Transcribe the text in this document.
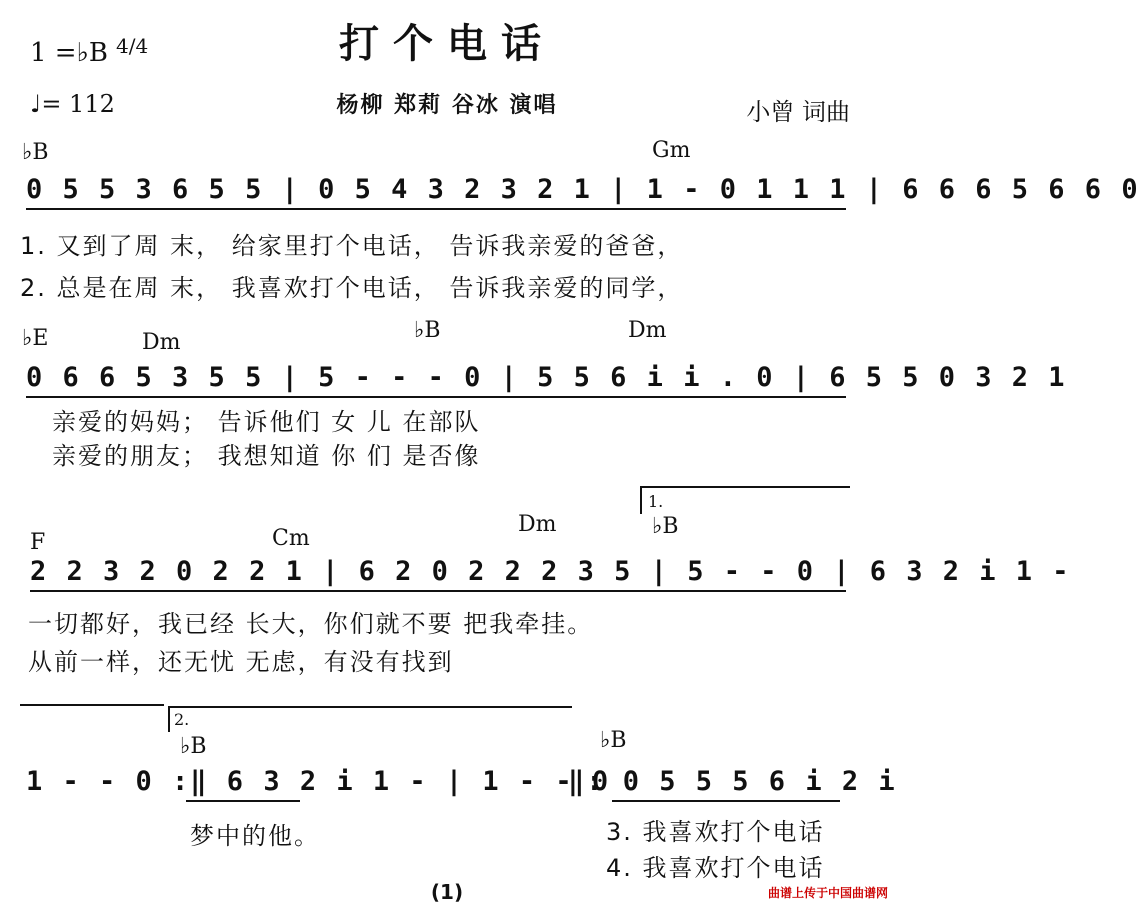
打个电话
1 =♭B 4/4
♩= 112	杨柳 郑莉 谷冰 演唱	小曾 词曲
♭B	Gm
0 5 5 3 6 5 5 | 0 5 4 3 2 3 2 1 | 1 - 0 1 1 1 | 6 6 6 5 6 6 0
1. 又到了周 末， 给家里打个电话， 告诉我亲爱的爸爸，
2. 总是在周 末， 我喜欢打个电话， 告诉我亲爱的同学，
♭E	Dm	♭B	Dm
0 6 6 5 3 5 5 | 5 - - - 0 | 5 5 6 i i . 0 | 6 5 5 0 3 2 1
亲爱的妈妈； 告诉他们 女 儿 在部队
亲爱的朋友； 我想知道 你 们 是否像
1.
F	Cm
Dm	♭B
2 2 3 2 0 2 2 1 | 6 2 0 2 2 2 3 5 | 5 - - 0 | 6 3 2 i 1 -
一切都好，我已经 长大，你们就不要 把我牵挂。
从前一样，还无忧 无虑，有没有找到
2.
♭B	♭B
1 - - 0 :‖ 6 3 2 i 1 - | 1 - - 0
‖: 0 5 5 5 6 i 2 i
梦中的他。	3. 我喜欢打个电话
4. 我喜欢打个电话
(1)	曲谱上传于中国曲谱网
